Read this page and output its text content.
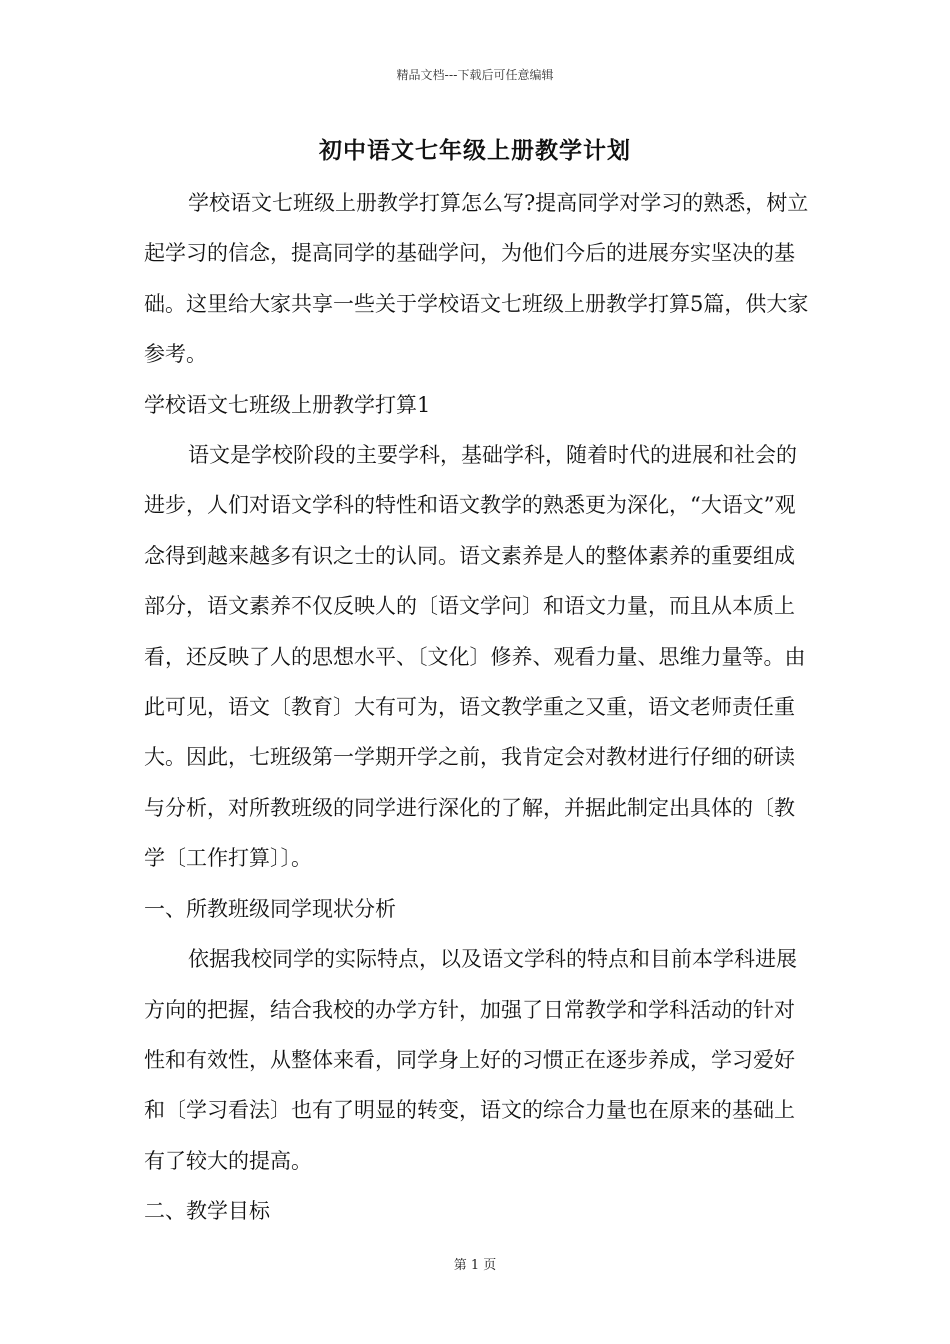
精品文档---下载后可任意编辑
初中语文七年级上册教学计划

学校语文七班级上册教学打算怎么写?提高同学对学习的熟悉，树立起学习的信念，提高同学的基础学问，为他们今后的进展夯实坚决的基础。这里给大家共享一些关于学校语文七班级上册教学打算5篇，供大家参考。

学校语文七班级上册教学打算1

语文是学校阶段的主要学科，基础学科，随着时代的进展和社会的进步，人们对语文学科的特性和语文教学的熟悉更为深化，“大语文”观念得到越来越多有识之士的认同。语文素养是人的整体素养的重要组成部分，语文素养不仅反映人的〔语文学问〕和语文力量，而且从本质上看，还反映了人的思想水平、〔文化〕修养、观看力量、思维力量等。由此可见，语文〔教育〕大有可为，语文教学重之又重，语文老师责任重大。因此，七班级第一学期开学之前，我肯定会对教材进行仔细的研读与分析，对所教班级的同学进行深化的了解，并据此制定出具体的〔教学〔工作打算〕〕。

一、所教班级同学现状分析

依据我校同学的实际特点，以及语文学科的特点和目前本学科进展方向的把握，结合我校的办学方针，加强了日常教学和学科活动的针对性和有效性，从整体来看，同学身上好的习惯正在逐步养成，学习爱好和〔学习看法〕也有了明显的转变，语文的综合力量也在原来的基础上有了较大的提高。

二、教学目标

第 1 页
